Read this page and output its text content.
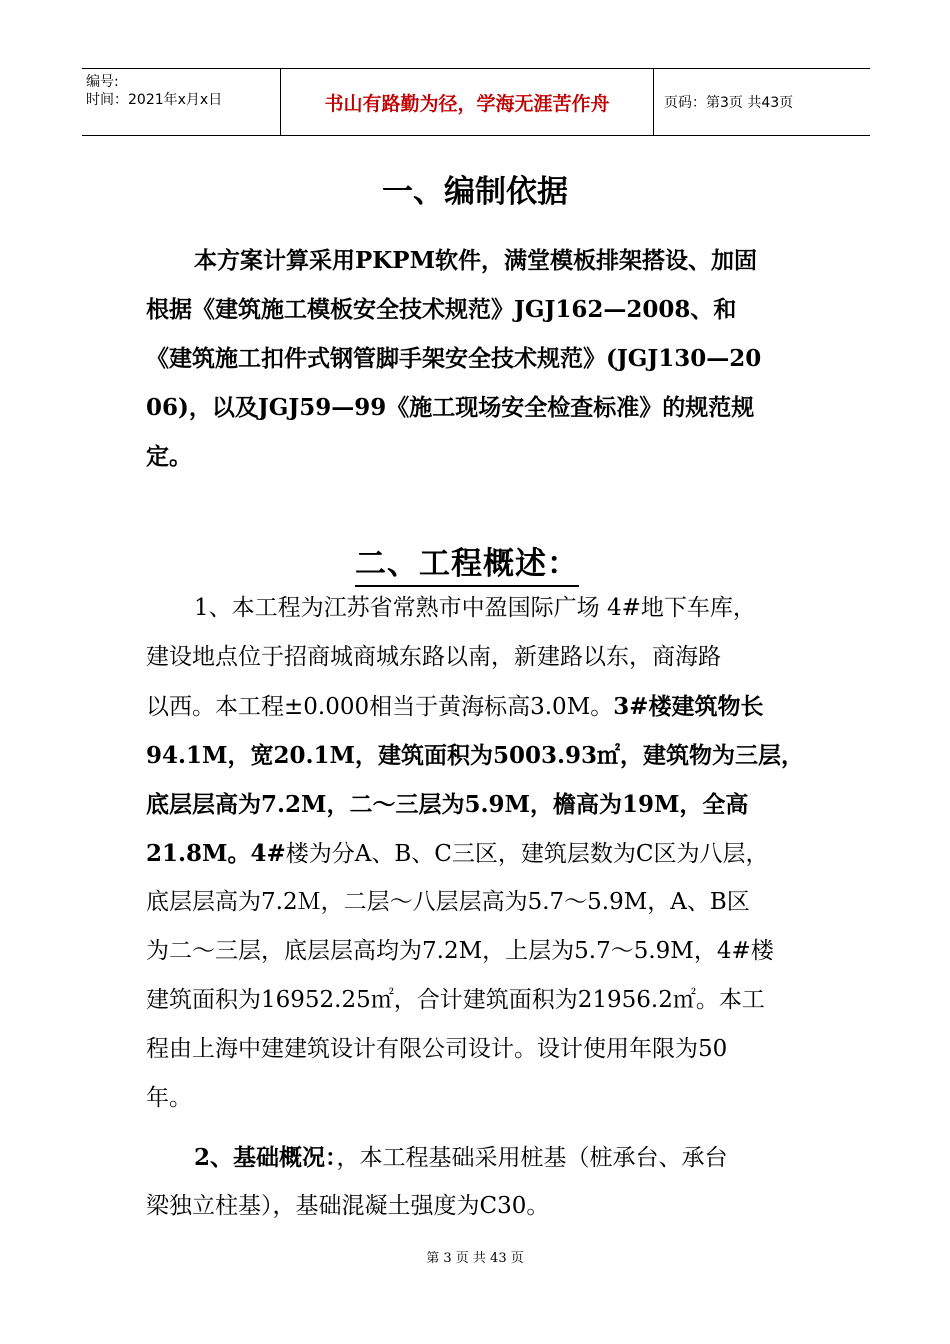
编号:
时间：2021年x月x日	书山有路勤为径，学海无涯苦作舟	页码：第3页 共43页
一、编制依据
本方案计算采用PKPM软件，满堂模板排架搭设、加固
根据《建筑施工模板安全技术规范》JGJ162—2008、和
《建筑施工扣件式钢管脚手架安全技术规范》(JGJ130—20
06)，以及JGJ59—99《施工现场安全检查标准》的规范规
定。
二、工程概述：
1、本工程为江苏省常熟市中盈国际广场 4#地下车库，
建设地点位于招商城商城东路以南，新建路以东，商海路
以西。本工程±0.000相当于黄海标高3.0M。3#楼建筑物长
94.1M，宽20.1M，建筑面积为5003.93㎡，建筑物为三层，
底层层高为7.2M，二～三层为5.9M，檐高为19M，全高
21.8M。4#楼为分A、B、C三区，建筑层数为C区为八层，
底层层高为7.2Ｍ，二层～八层层高为5.7～5.9M，A、B区
为二～三层，底层层高均为7.2M，上层为5.7～5.9M，4#楼
建筑面积为16952.25㎡，合计建筑面积为21956.2㎡。本工
程由上海中建建筑设计有限公司设计。设计使用年限为50
年。
2、基础概况：，本工程基础采用桩基（桩承台、承台
梁独立柱基），基础混凝土强度为C30。
第 3 页 共 43 页
